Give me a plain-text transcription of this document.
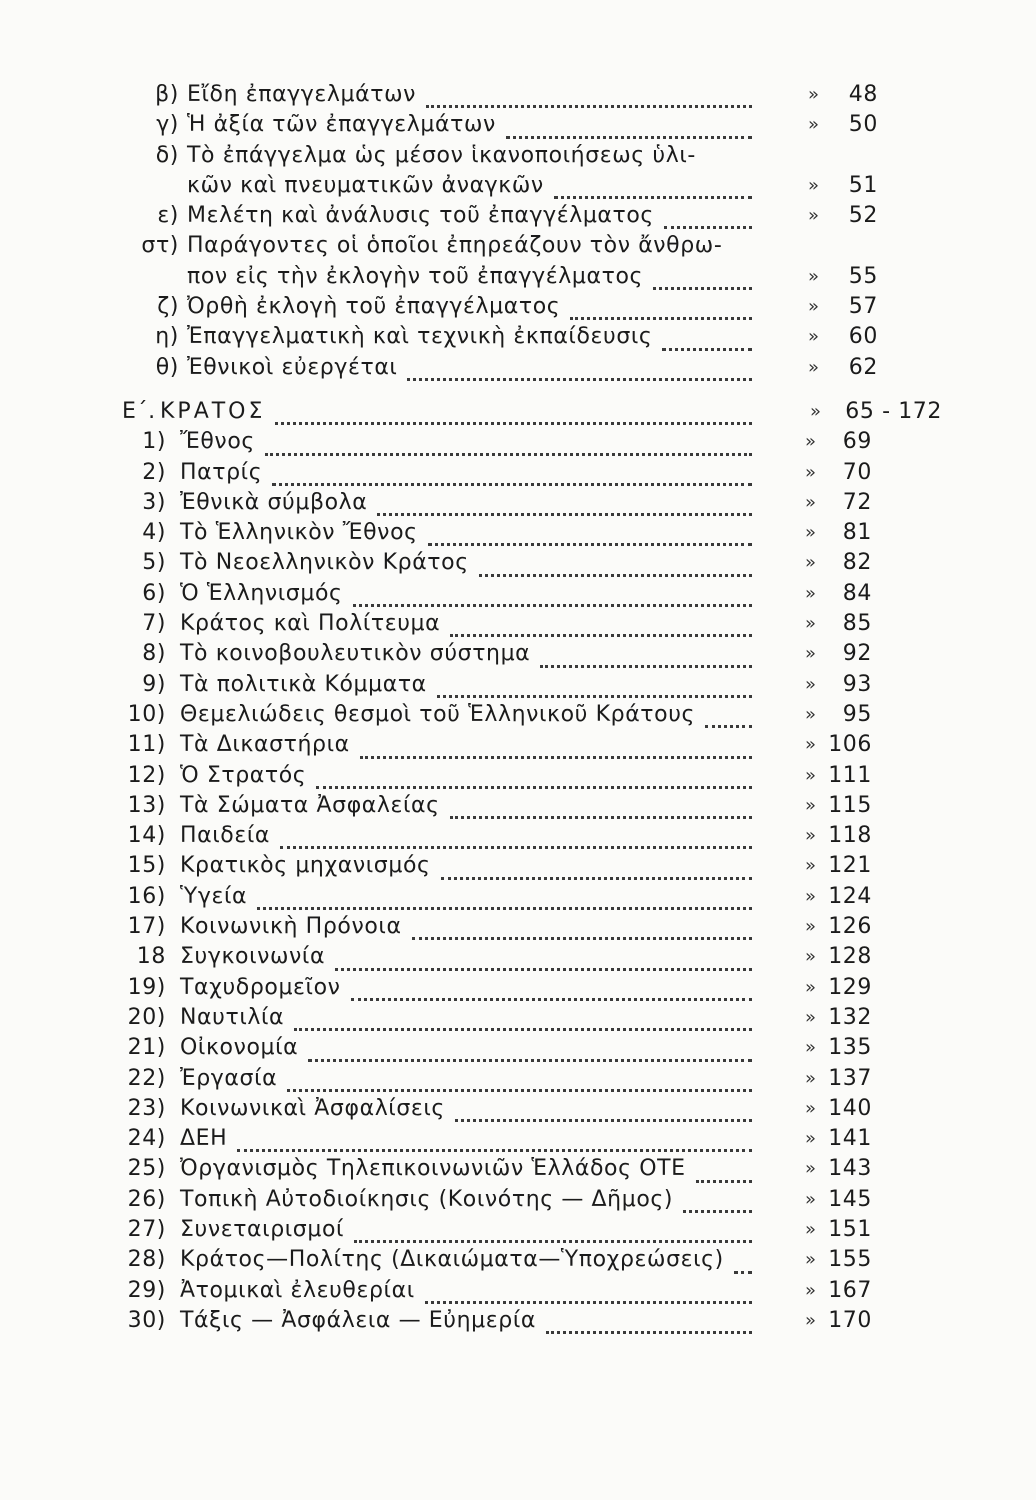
β) Εἴδη ἐπαγγελμάτων	» 48
γ) Ἡ ἀξία τῶν ἐπαγγελμάτων	» 50
δ) Τὸ ἐπάγγελμα ὡς μέσον ἱκανοποιήσεως ὑλι-
κῶν καὶ πνευματικῶν ἀναγκῶν	» 51
ε) Μελέτη καὶ ἀνάλυσις τοῦ ἐπαγγέλματος	» 52
στ) Παράγοντες οἱ ὁποῖοι ἐπηρεάζουν τὸν ἄνθρω-
πον εἰς τὴν ἐκλογὴν τοῦ ἐπαγγέλματος	» 55
ζ) Ὀρθὴ ἐκλογὴ τοῦ ἐπαγγέλματος	» 57
η) Ἐπαγγελματικὴ καὶ τεχνικὴ ἐκπαίδευσις	» 60
θ) Ἐθνικοὶ εὐεργέται	» 62
Ε΄. ΚΡΑΤΟΣ	» 65 - 172
1) Ἔθνος	» 69
2) Πατρίς	» 70
3) Ἐθνικὰ σύμβολα	» 72
4) Τὸ Ἑλληνικὸν Ἔθνος	» 81
5) Τὸ Νεοελληνικὸν Κράτος	» 82
6) Ὁ Ἑλληνισμός	» 84
7) Κράτος καὶ Πολίτευμα	» 85
8) Τὸ κοινοβουλευτικὸν σύστημα	» 92
9) Τὰ πολιτικὰ Κόμματα	» 93
10) Θεμελιώδεις θεσμοὶ τοῦ Ἑλληνικοῦ Κράτους	» 95
11) Τὰ Δικαστήρια	» 106
12) Ὁ Στρατός	» 111
13) Τὰ Σώματα Ἀσφαλείας	» 115
14) Παιδεία	» 118
15) Κρατικὸς μηχανισμός	» 121
16) Ὑγεία	» 124
17) Κοινωνικὴ Πρόνοια	» 126
18 Συγκοινωνία	» 128
19) Ταχυδρομεῖον	» 129
20) Ναυτιλία	» 132
21) Οἰκονομία	» 135
22) Ἐργασία	» 137
23) Κοινωνικαὶ Ἀσφαλίσεις	» 140
24) ΔΕΗ	» 141
25) Ὀργανισμὸς Τηλεπικοινωνιῶν Ἑλλάδος ΟΤΕ	» 143
26) Τοπικὴ Αὐτοδιοίκησις (Κοινότης — Δῆμος)	» 145
27) Συνεταιρισμοί	» 151
28) Κράτος—Πολίτης (Δικαιώματα—Ὑποχρεώσεις)	» 155
29) Ἀτομικαὶ ἐλευθερίαι	» 167
30) Τάξις — Ἀσφάλεια — Εὐημερία	» 170
